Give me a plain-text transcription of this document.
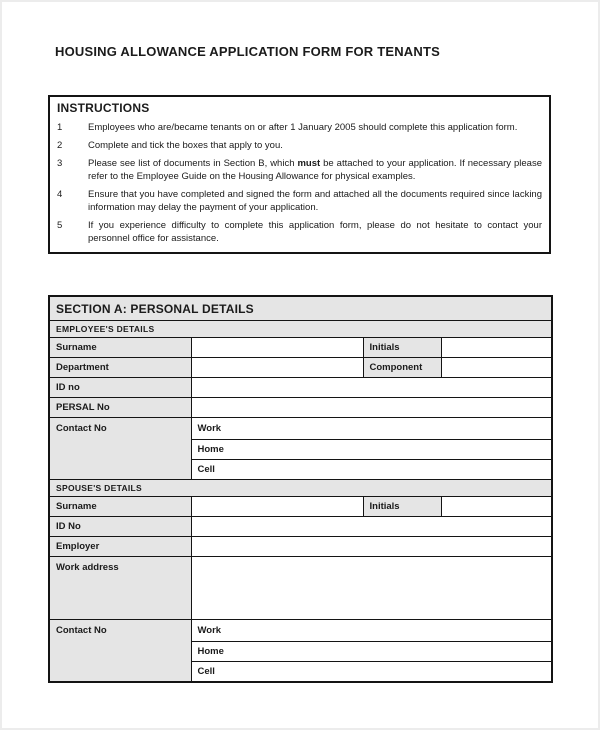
HOUSING ALLOWANCE APPLICATION FORM FOR TENANTS
INSTRUCTIONS
1	Employees who are/became tenants on or after 1 January 2005 should complete this application form.

2	Complete and tick the boxes that apply to you.

3	Please see list of documents in Section B, which must be attached to your application. If necessary please refer to the Employee Guide on the Housing Allowance for physical examples.

4	Ensure that you have completed and signed the form and attached all the documents required since lacking information may delay the payment of your application.

5	If you experience difficulty to complete this application form, please do not hesitate to contact your personnel office for assistance.

SECTION A: PERSONAL DETAILS			
EMPLOYEE'S DETAILS			
Surname		Initials	
Department		Component	
ID no			
PERSAL No			
Contact No	Work		
	Home		
	Cell		
SPOUSE'S DETAILS			
Surname		Initials	
ID No			
Employer			
Work address			
Contact No	Work		
	Home		
	Cell		
